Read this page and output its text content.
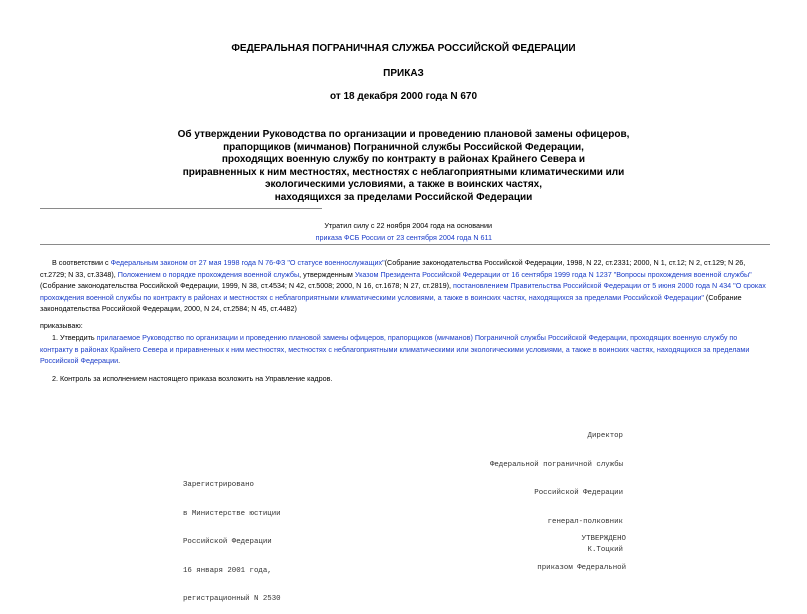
ФЕДЕРАЛЬНАЯ ПОГРАНИЧНАЯ СЛУЖБА РОССИЙСКОЙ ФЕДЕРАЦИИ
ПРИКАЗ
от 18 декабря 2000 года N 670
Об утверждении Руководства по организации и проведению плановой замены офицеров,
прапорщиков (мичманов) Пограничной службы Российской Федерации,
проходящих военную службу по контракту в районах Крайнего Севера и
приравненных к ним местностях, местностях с неблагоприятными климатическими или
экологическими условиями, а также в воинских частях,
находящихся за пределами Российской Федерации
Утратил силу с 22 ноября 2004 года на основании
приказа ФСБ России от 23 сентября 2004 года N 611
В соответствии с Федеральным законом от 27 мая 1998 года N 76-ФЗ "О статусе военнослужащих"(Собрание законодательства Российской Федерации, 1998, N 22, ст.2331; 2000, N 1, ст.12; N 2, ст.129; N 26, ст.2729; N 33, ст.3348), Положением о порядке прохождения военной службы, утвержденным Указом Президента Российской Федерации от 16 сентября 1999 года N 1237 "Вопросы прохождения военной службы" (Собрание законодательства Российской Федерации, 1999, N 38, ст.4534; N 42, ст.5008; 2000, N 16, ст.1678; N 27, ст.2819), постановлением Правительства Российской Федерации от 5 июня 2000 года N 434 "О сроках прохождения военной службы по контракту в районах и местностях с неблагоприятными климатическими условиями, а также в воинских частях, находящихся за пределами Российской Федерации" (Собрание законодательства Российской Федерации, 2000, N 24, ст.2584; N 45, ст.4482)
приказываю:
1. Утвердить прилагаемое Руководство по организации и проведению плановой замены офицеров, прапорщиков (мичманов) Пограничной службы Российской Федерации, проходящих военную службу по контракту в районах Крайнего Севера и приравненных к ним местностях, местностях с неблагоприятными климатическими или экологическими условиями, а также в воинских частях, находящихся за пределами Российской Федерации.
2. Контроль за исполнением настоящего приказа возложить на Управление кадров.

Директор

Федеральной пограничной службы

Российской Федерации

генерал-полковник

К.Тоцкий

Зарегистрировано

в Министерстве юстиции

Российской Федерации

16 января 2001 года,

регистрационный N 2530

УТВЕРЖДЕНО

приказом Федеральной
